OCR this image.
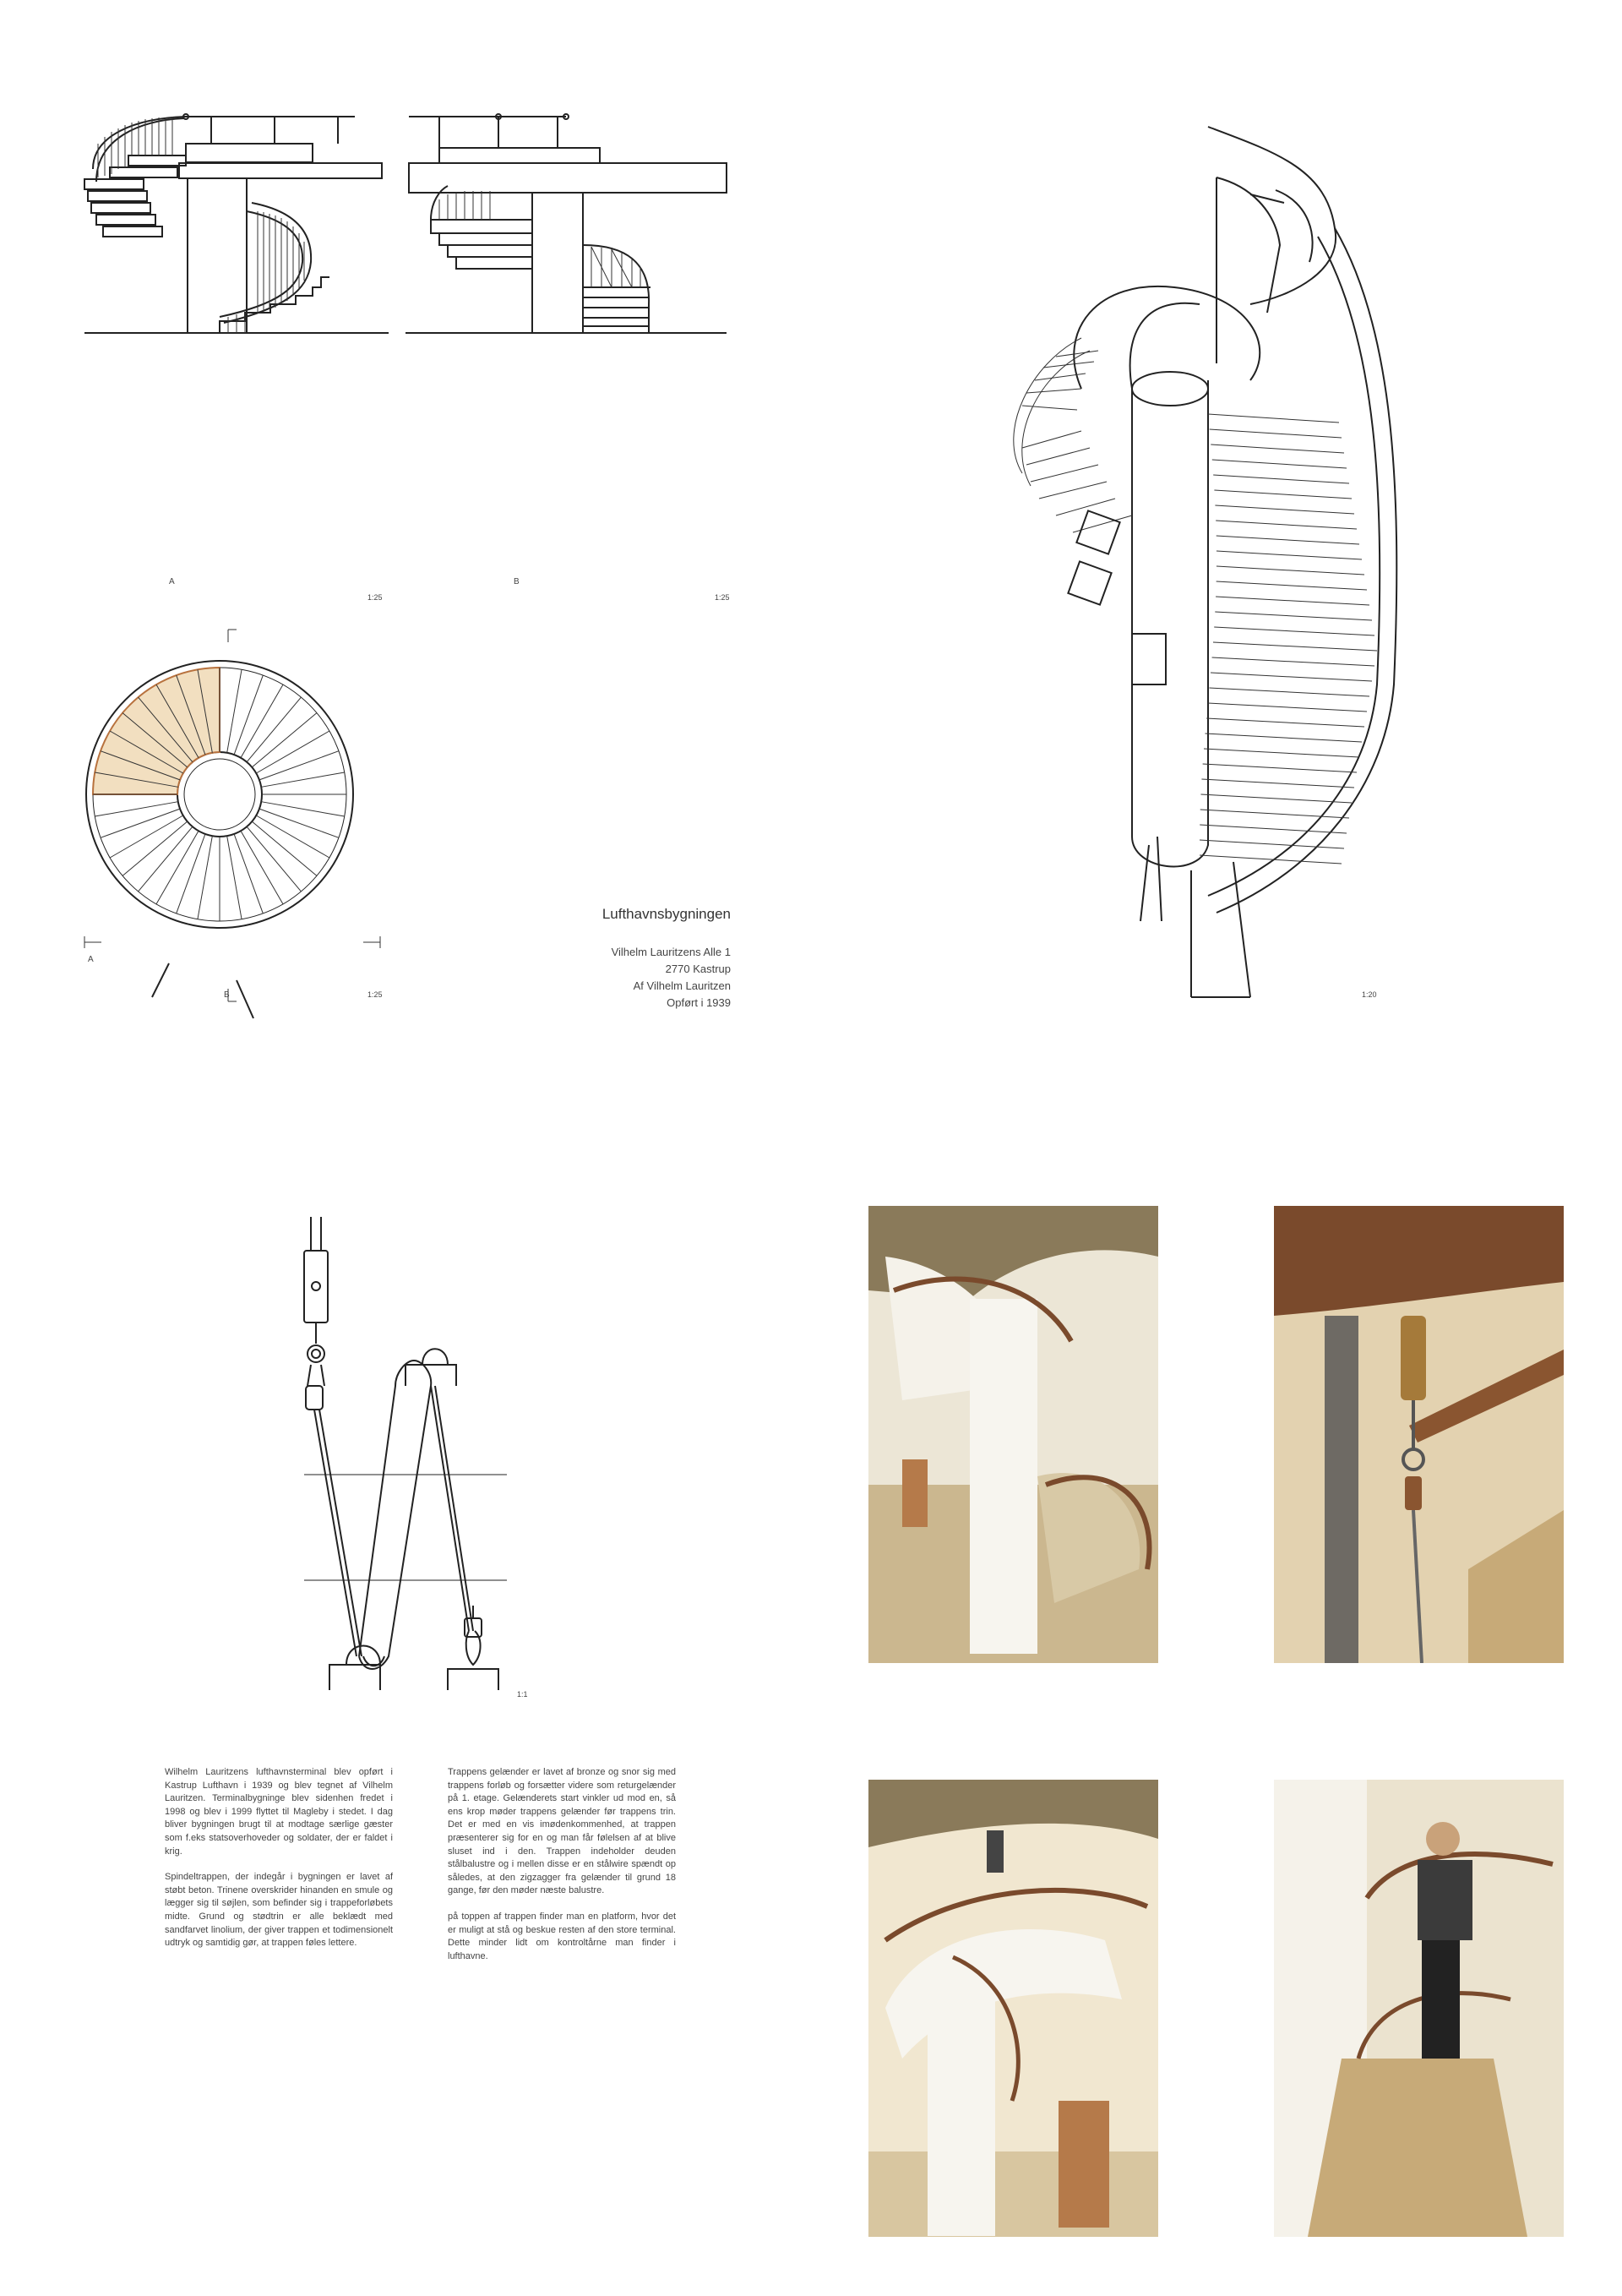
1:25
A
1:25
B
1:25
A
B
Lufthavnsbygningen
Vilhelm Lauritzens Alle 1
2770 Kastrup
Af Vilhelm Lauritzen
Opført i 1939
1:20
1:1

Wilhelm Lauritzens lufthavnsterminal blev opført i Kastrup Lufthavn i 1939 og blev tegnet af Vilhelm Lauritzen. Terminalbygninge blev sidenhen fredet i 1998 og blev i 1999 flyttet til Magleby i stedet. I dag bliver bygningen brugt til at modtage særlige gæster som f.eks statsoverhoveder og soldater, der er faldet i krig.

Spindeltrappen, der indegår i bygningen er lavet af støbt beton. Trinene overskrider hinanden en smule og lægger sig til søjlen, som befinder sig i trappeforløbets midte. Grund og stødtrin er alle beklædt med sandfarvet linolium, der giver trappen et todimensionelt udtryk og samtidig gør, at trappen føles lettere.

Trappens gelænder er lavet af bronze og snor sig med trappens forløb og forsætter videre som returgelænder på 1. etage. Gelænderets start vinkler ud mod en, så ens krop møder trappens gelænder før trappens trin. Det er med en vis imødenkommenhed, at trappen præsenterer sig for en og man får følelsen af at blive sluset ind i den. Trappen indeholder deuden stålbalustre og i mellen disse er en stålwire spændt op således, at den zigzagger fra gelænder til grund 18 gange, før den møder næste balustre.

på toppen af trappen finder man en platform, hvor det er muligt at stå og beskue resten af den store terminal. Dette minder lidt om kontroltårne man finder i lufthavne.
